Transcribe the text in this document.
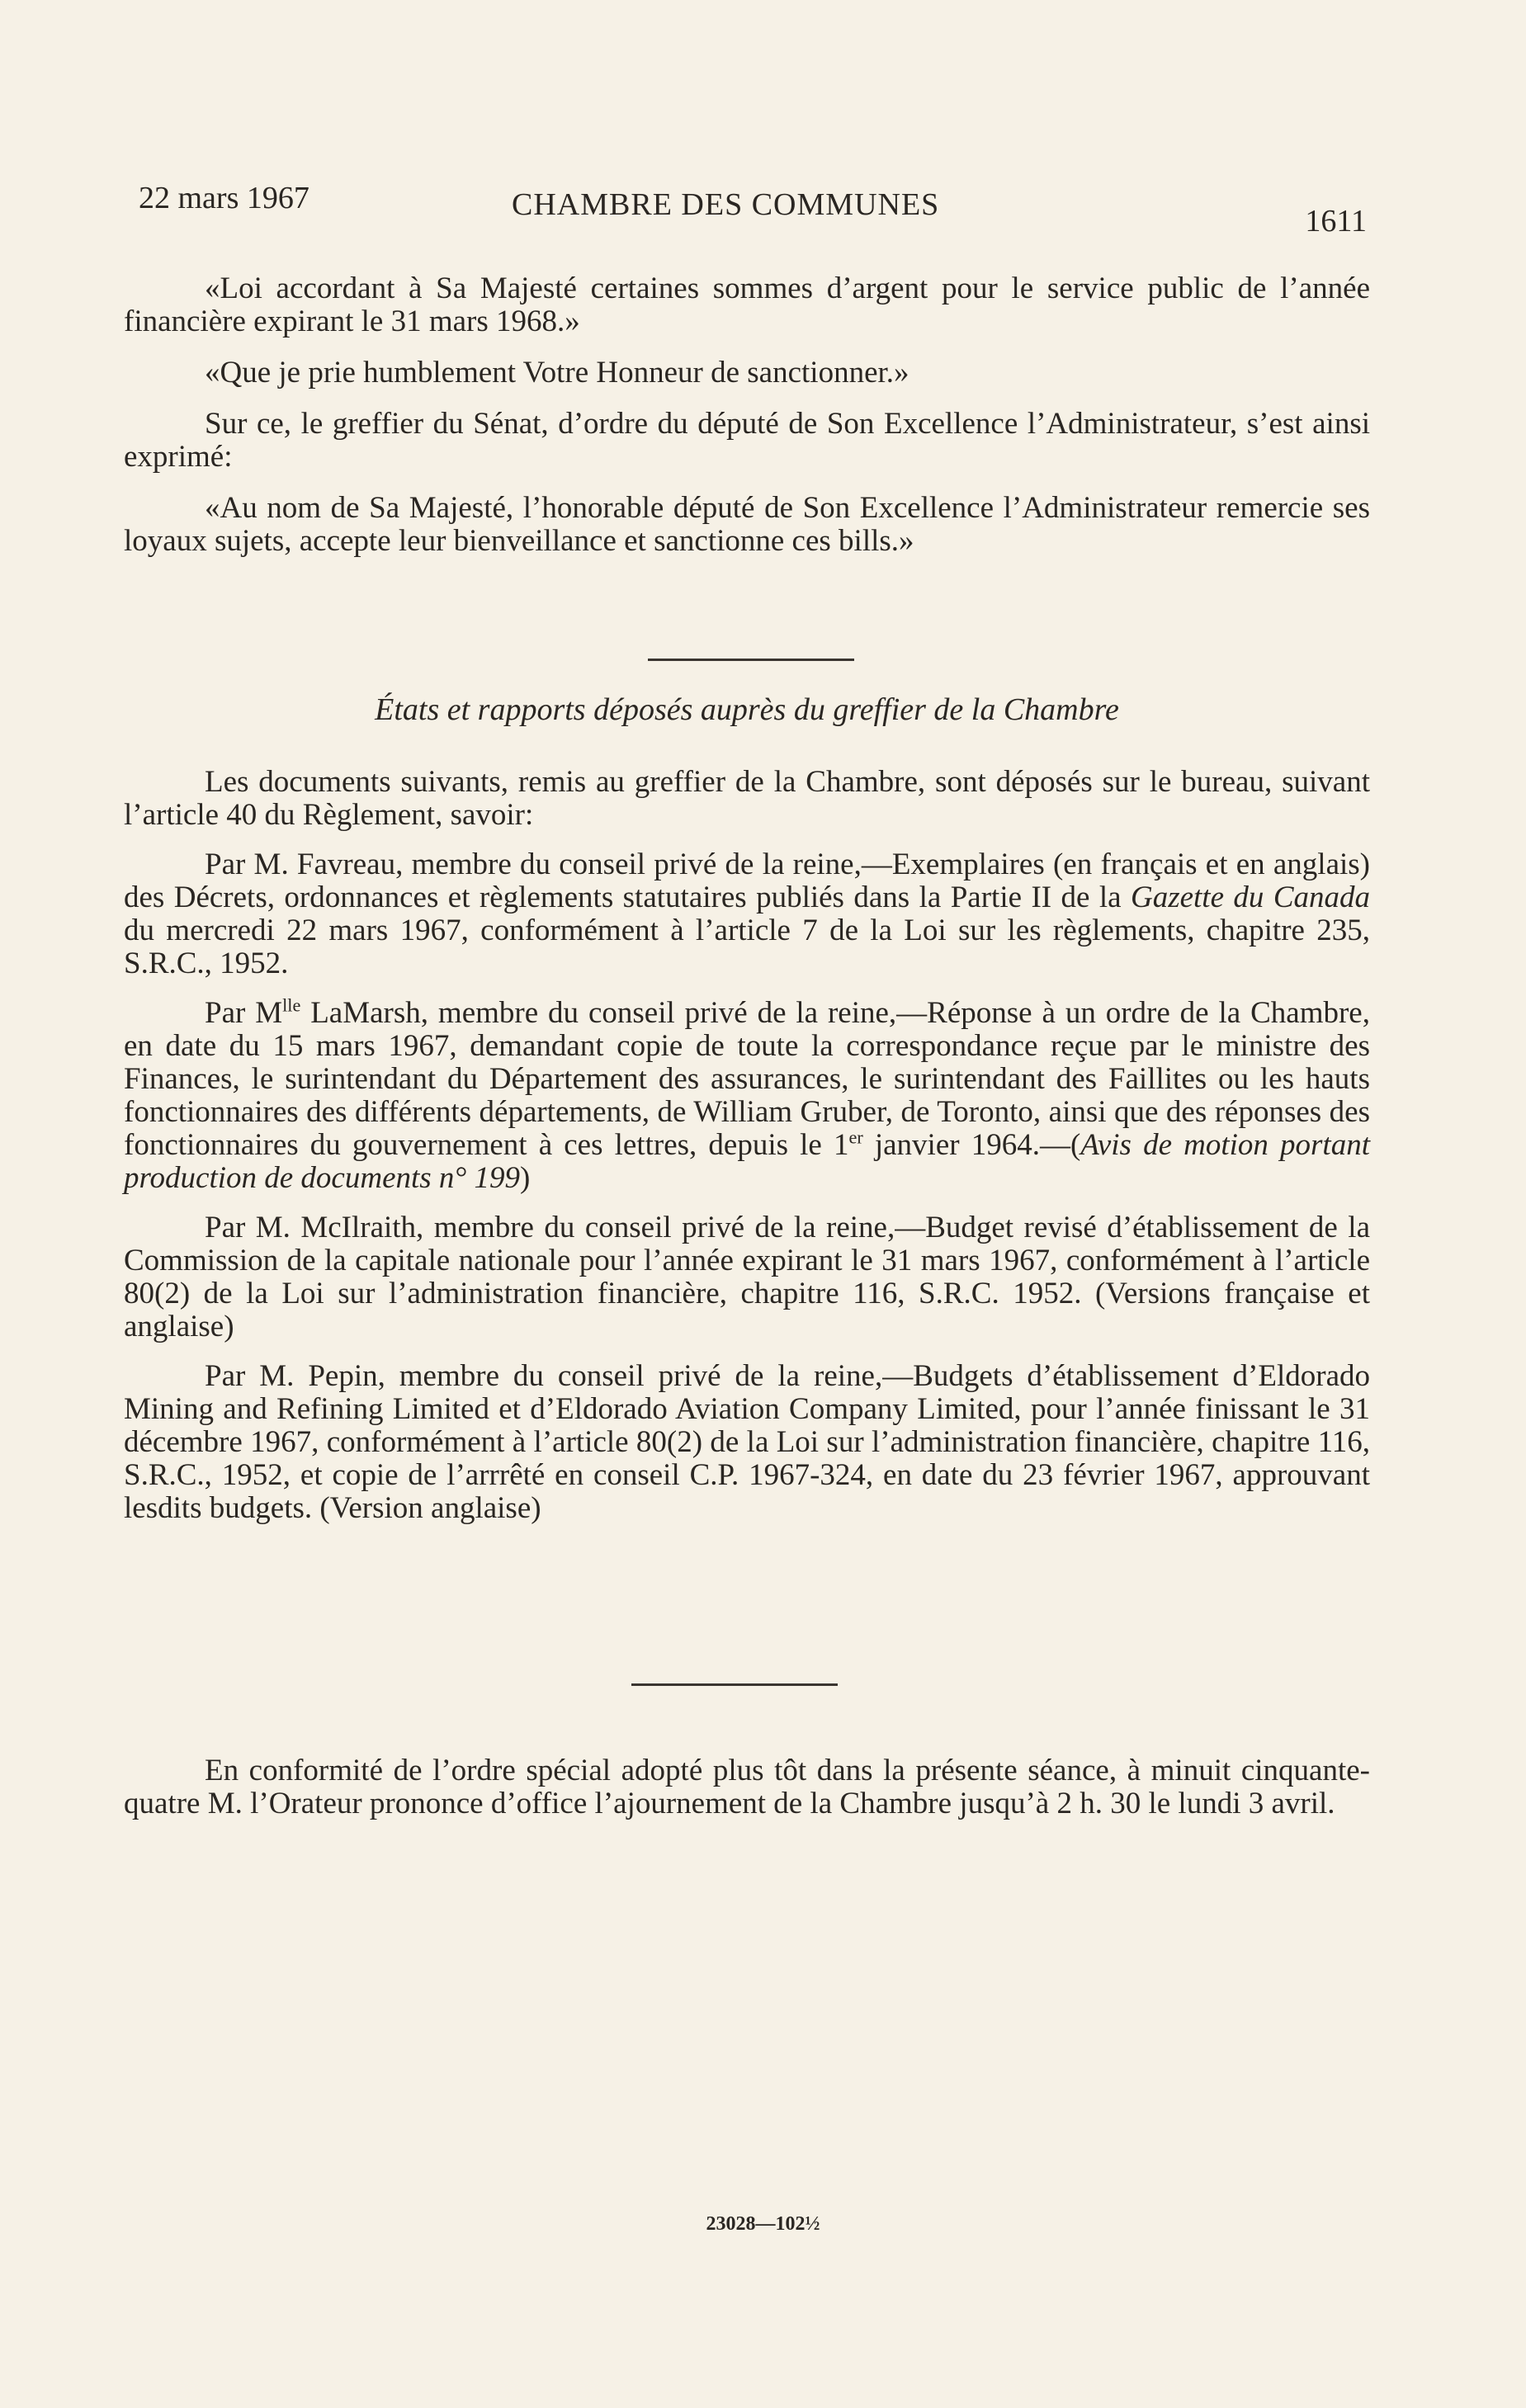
22 mars 1967	CHAMBRE DES COMMUNES	1611

«Loi accordant à Sa Majesté certaines sommes d’argent pour le service public de l’année financière expirant le 31 mars 1968.»

«Que je prie humblement Votre Honneur de sanctionner.»

Sur ce, le greffier du Sénat, d’ordre du député de Son Excellence l’Administrateur, s’est ainsi exprimé:

«Au nom de Sa Majesté, l’honorable député de Son Excellence l’Administrateur remercie ses loyaux sujets, accepte leur bienveillance et sanctionne ces bills.»

États et rapports déposés auprès du greffier de la Chambre

Les documents suivants, remis au greffier de la Chambre, sont déposés sur le bureau, suivant l’article 40 du Règlement, savoir:

Par M. Favreau, membre du conseil privé de la reine,—Exemplaires (en français et en anglais) des Décrets, ordonnances et règlements statutaires publiés dans la Partie II de la Gazette du Canada du mercredi 22 mars 1967, conformément à l’article 7 de la Loi sur les règlements, chapitre 235, S.R.C., 1952.

Par $M^{lle}$ LaMarsh, membre du conseil privé de la reine,—Réponse à un ordre de la Chambre, en date du 15 mars 1967, demandant copie de toute la correspondance reçue par le ministre des Finances, le surintendant du Département des assurances, le surintendant des Faillites ou les hauts fonctionnaires des différents départements, de William Gruber, de Toronto, ainsi que des réponses des fonctionnaires du gouvernement à ces lettres, depuis le 1er janvier 1964.—(Avis de motion portant production de documents n° 199)

Par M. McIlraith, membre du conseil privé de la reine,—Budget revisé d’établissement de la Commission de la capitale nationale pour l’année expirant le 31 mars 1967, conformément à l’article 80(2) de la Loi sur l’administration financière, chapitre 116, S.R.C. 1952. (Versions française et anglaise)

Par M. Pepin, membre du conseil privé de la reine,—Budgets d’établissement d’Eldorado Mining and Refining Limited et d’Eldorado Aviation Company Limited, pour l’année finissant le 31 décembre 1967, conformément à l’article 80(2) de la Loi sur l’administration financière, chapitre 116, S.R.C., 1952, et copie de l’arrrêté en conseil C.P. 1967-324, en date du 23 février 1967, approuvant lesdits budgets. (Version anglaise)

En conformité de l’ordre spécial adopté plus tôt dans la présente séance, à minuit cinquante-quatre M. l’Orateur prononce d’office l’ajournement de la Chambre jusqu’à 2 h. 30 le lundi 3 avril.

23028—102½
